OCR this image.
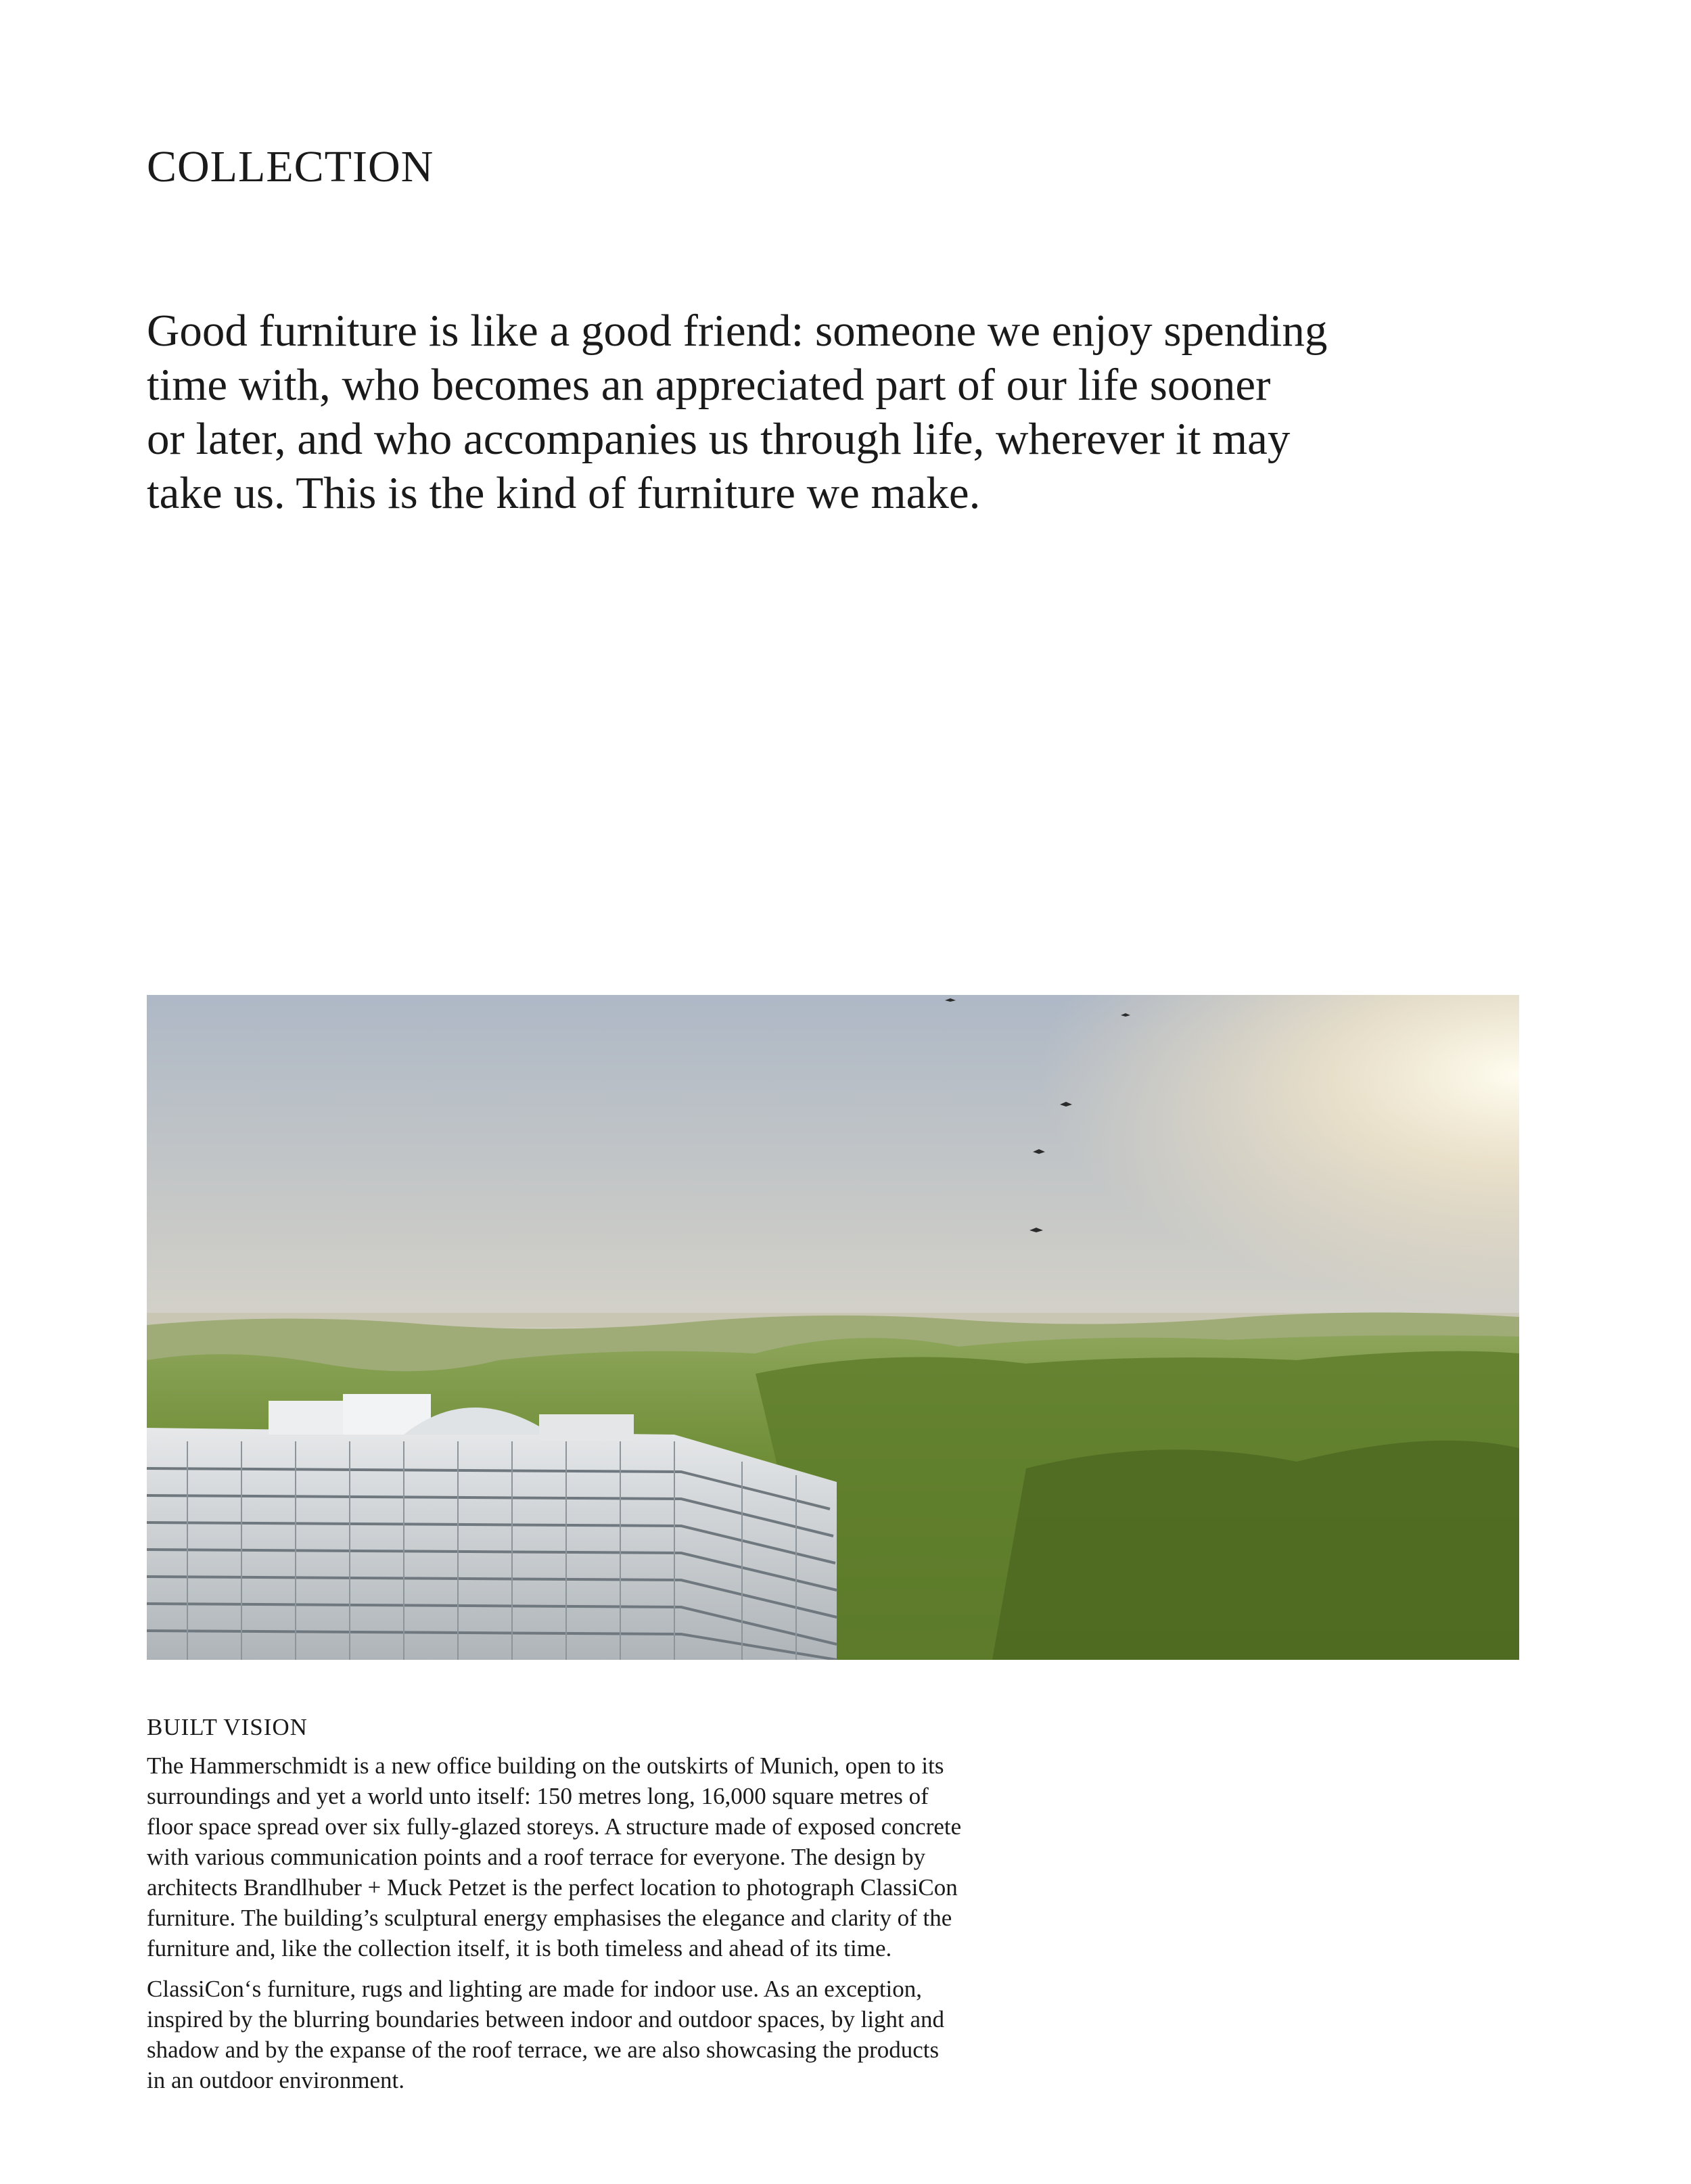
COLLECTION

Good furniture is like a good friend: someone we enjoy spending
time with, who becomes an appreciated part of our life sooner
or later, and who accompanies us through life, wherever it may
take us. This is the kind of furniture we make.

BUILT VISION

The Hammerschmidt is a new office building on the outskirts of Munich, open to its
surroundings and yet a world unto itself: 150 metres long, 16,000 square metres of
floor space spread over six fully-glazed storeys. A structure made of exposed concrete
with various communication points and a roof terrace for everyone. The design by
architects Brandlhuber + Muck Petzet is the perfect location to photograph ClassiCon
furniture. The building’s sculptural energy emphasises the elegance and clarity of the
furniture and, like the collection itself, it is both timeless and ahead of its time.

ClassiCon‘s furniture, rugs and lighting are made for indoor use. As an exception,
inspired by the blurring boundaries between indoor and outdoor spaces, by light and
shadow and by the expanse of the roof terrace, we are also showcasing the products
in an outdoor environment.
